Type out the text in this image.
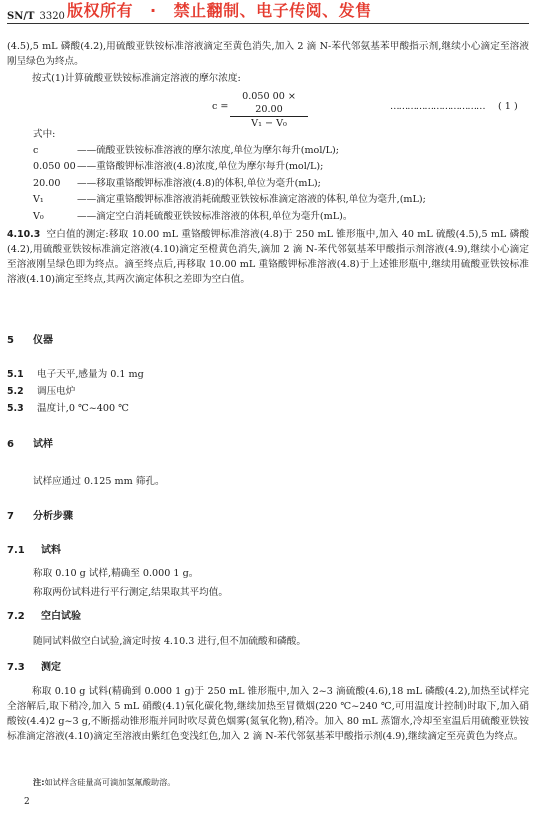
SN/T 3320 版权所有 · 禁止翻制、电子传阅、发售

(4.5),5 mL 磷酸(4.2),用硫酸亚铁铵标准溶液滴定至黄色消失,加入 2 滴 N-苯代邻氨基苯甲酸指示剂,继续小心滴定至溶液刚呈绿色为终点。

按式(1)计算硫酸亚铁铵标准滴定溶液的摩尔浓度:

$c = \frac{0.050 00 \times 20.00}{\text{V₁ − V₀}}$	…………………………… ( 1 )
式中:
c	——硫酸亚铁铵标准溶液的摩尔浓度,单位为摩尔每升(mol/L);
0.050 00 ——重铬酸钾标准溶液(4.8)浓度,单位为摩尔每升(mol/L);
20.00 ——移取重铬酸钾标准溶液(4.8)的体积,单位为毫升(mL);
V₁	——滴定重铬酸钾标准溶液消耗硫酸亚铁铵标准滴定溶液的体积,单位为毫升,(mL);
V₀	——滴定空白消耗硫酸亚铁铵标准溶液的体积,单位为毫升(mL)。

4.10.3 空白值的测定:移取 10.00 mL 重铬酸钾标准溶液(4.8)于 250 mL 锥形瓶中,加入 40 mL 硫酸(4.5),5 mL 磷酸(4.2),用硫酸亚铁铵标准滴定溶液(4.10)滴定至橙黄色消失,滴加 2 滴 N-苯代邻氨基苯甲酸指示剂溶液(4.9),继续小心滴定至溶液刚呈绿色即为终点。滴至终点后,再移取 10.00 mL 重铬酸钾标准溶液(4.8)于上述锥形瓶中,继续用硫酸亚铁铵标准溶液(4.10)滴定至终点,其两次滴定体积之差即为空白值。

5 仪器
5.1 电子天平,感量为 0.1 mg
5.2 调压电炉
5.3 温度计,0 ℃~400 ℃
6 试样
试样应通过 0.125 mm 筛孔。
7 分析步骤
7.1 试料
称取 0.10 g 试样,精确至 0.000 1 g。
称取两份试料进行平行测定,结果取其平均值。
7.2 空白试验
随同试料做空白试验,滴定时按 4.10.3 进行,但不加硫酸和磷酸。
7.3 测定

称取 0.10 g 试料(精确到 0.000 1 g)于 250 mL 锥形瓶中,加入 2~3 滴硫酸(4.6),18 mL 磷酸(4.2),加热至试样完全溶解后,取下稍冷,加入 5 mL 硝酸(4.1)氧化碳化物,继续加热至冒微烟(220 ℃~240 ℃,可用温度计控制)时取下,加入硝酸铵(4.4)2 g~3 g,不断摇动锥形瓶并同时吹尽黄色烟雾(氮氧化物),稍冷。加入 80 mL 蒸馏水,冷却至室温后用硫酸亚铁铵标准滴定溶液(4.10)滴定至溶液由紫红色变浅红色,加入 2 滴 N-苯代邻氨基苯甲酸指示剂(4.9),继续滴定至亮黄色为终点。

注:如试样含硅量高可滴加氢氟酸助溶。
2
